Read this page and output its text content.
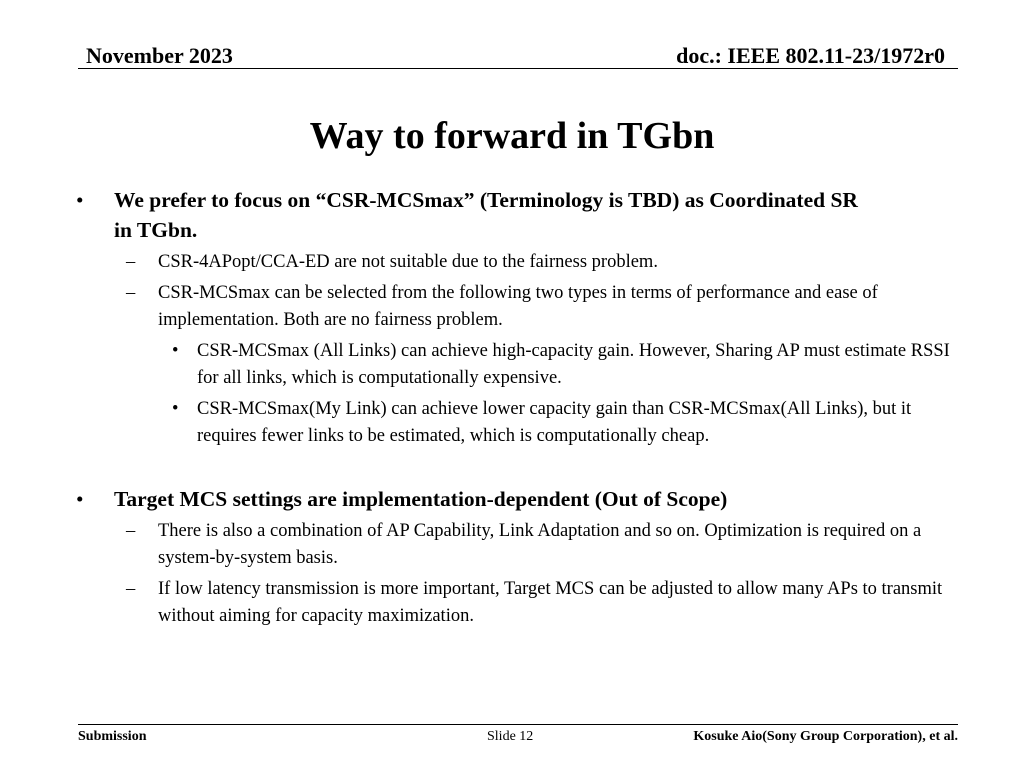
November 2023	doc.: IEEE 802.11-23/1972r0
Way to forward in TGbn
• We prefer to focus on “CSR-MCSmax” (Terminology is TBD) as Coordinated SR in TGbn.
– CSR-4APopt/CCA-ED are not suitable due to the fairness problem.
– CSR-MCSmax can be selected from the following two types in terms of performance and ease of implementation. Both are no fairness problem.
• CSR-MCSmax (All Links) can achieve high-capacity gain. However, Sharing AP must estimate RSSI for all links, which is computationally expensive.
• CSR-MCSmax(My Link) can achieve lower capacity gain than CSR-MCSmax(All Links), but it requires fewer links to be estimated, which is computationally cheap.
• Target MCS settings are implementation-dependent (Out of Scope)
– There is also a combination of AP Capability, Link Adaptation and so on. Optimization is required on a system-by-system basis.
– If low latency transmission is more important, Target MCS can be adjusted to allow many APs to transmit without aiming for capacity maximization.
Submission	Slide 12	Kosuke Aio(Sony Group Corporation), et al.
